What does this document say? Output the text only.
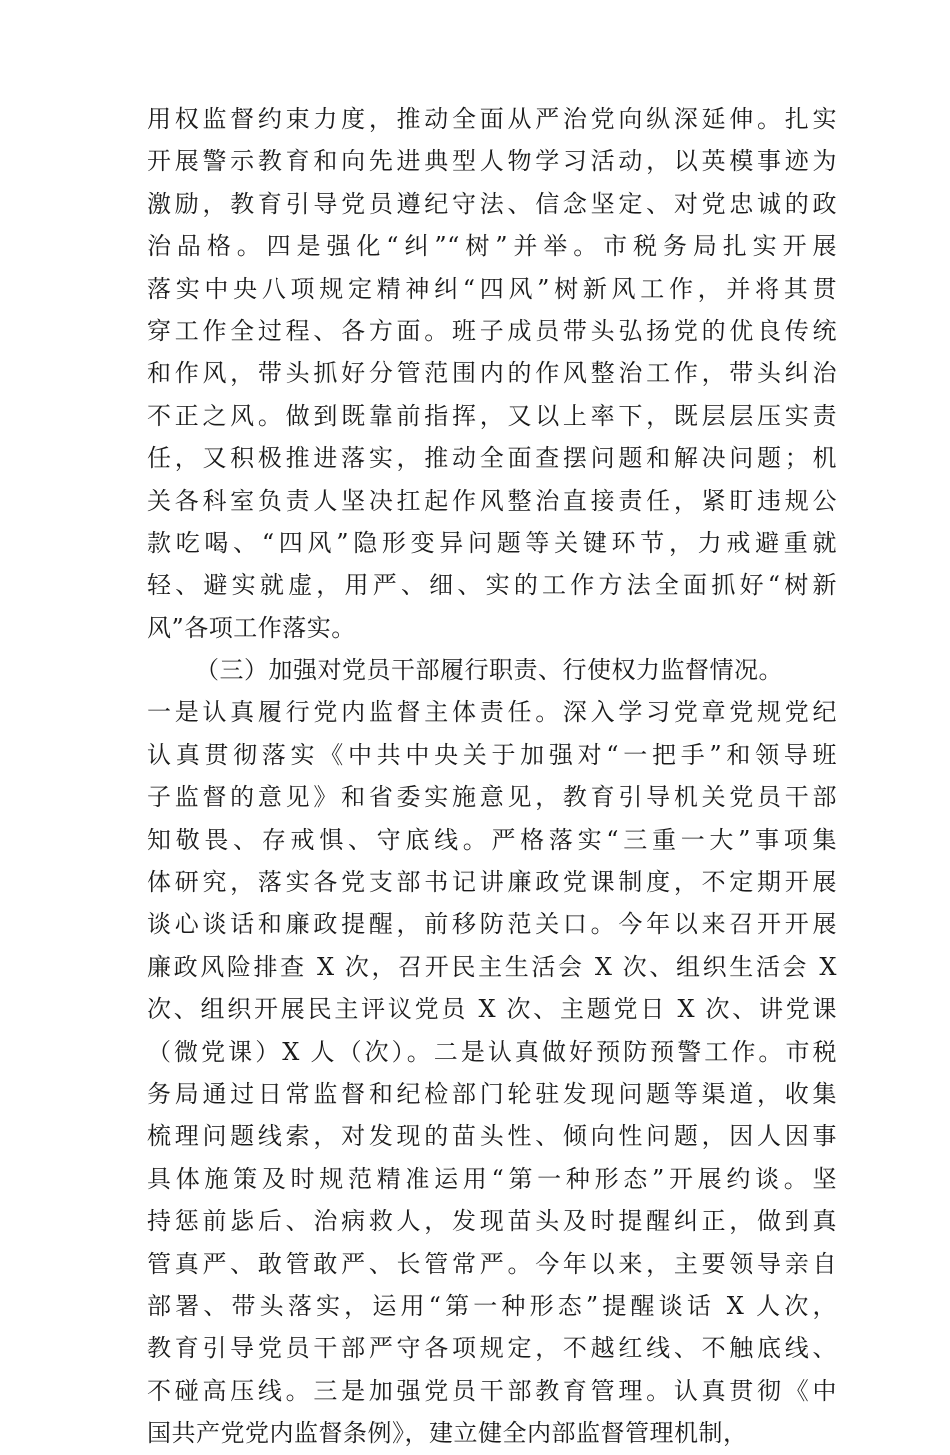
用权监督约束力度，推动全面从严治党向纵深延伸。扎实
开展警示教育和向先进典型人物学习活动，以英模事迹为
激励，教育引导党员遵纪守法、信念坚定、对党忠诚的政
治品格。四是强化“纠”“树”并举。市税务局扎实开展
落实中央八项规定精神纠“四风”树新风工作，并将其贯
穿工作全过程、各方面。班子成员带头弘扬党的优良传统
和作风，带头抓好分管范围内的作风整治工作，带头纠治
不正之风。做到既靠前指挥，又以上率下，既层层压实责
任，又积极推进落实，推动全面查摆问题和解决问题；机
关各科室负责人坚决扛起作风整治直接责任，紧盯违规公
款吃喝、“四风”隐形变异问题等关键环节，力戒避重就
轻、避实就虚，用严、细、实的工作方法全面抓好“树新
风”各项工作落实。
（三）加强对党员干部履行职责、行使权力监督情况。
一是认真履行党内监督主体责任。深入学习党章党规党纪
认真贯彻落实《中共中央关于加强对“一把手”和领导班
子监督的意见》和省委实施意见，教育引导机关党员干部
知敬畏、存戒惧、守底线。严格落实“三重一大”事项集
体研究，落实各党支部书记讲廉政党课制度，不定期开展
谈心谈话和廉政提醒，前移防范关口。今年以来召开开展
廉政风险排查 X 次，召开民主生活会 X 次、组织生活会 X
次、组织开展民主评议党员 X 次、主题党日 X 次、讲党课
（微党课）X 人（次）。二是认真做好预防预警工作。市税
务局通过日常监督和纪检部门轮驻发现问题等渠道，收集
梳理问题线索，对发现的苗头性、倾向性问题，因人因事
具体施策及时规范精准运用“第一种形态”开展约谈。坚
持惩前毖后、治病救人，发现苗头及时提醒纠正，做到真
管真严、敢管敢严、长管常严。今年以来，主要领导亲自
部署、带头落实，运用“第一种形态”提醒谈话 X 人次，
教育引导党员干部严守各项规定，不越红线、不触底线、
不碰高压线。三是加强党员干部教育管理。认真贯彻《中
国共产党党内监督条例》，建立健全内部监督管理机制，
